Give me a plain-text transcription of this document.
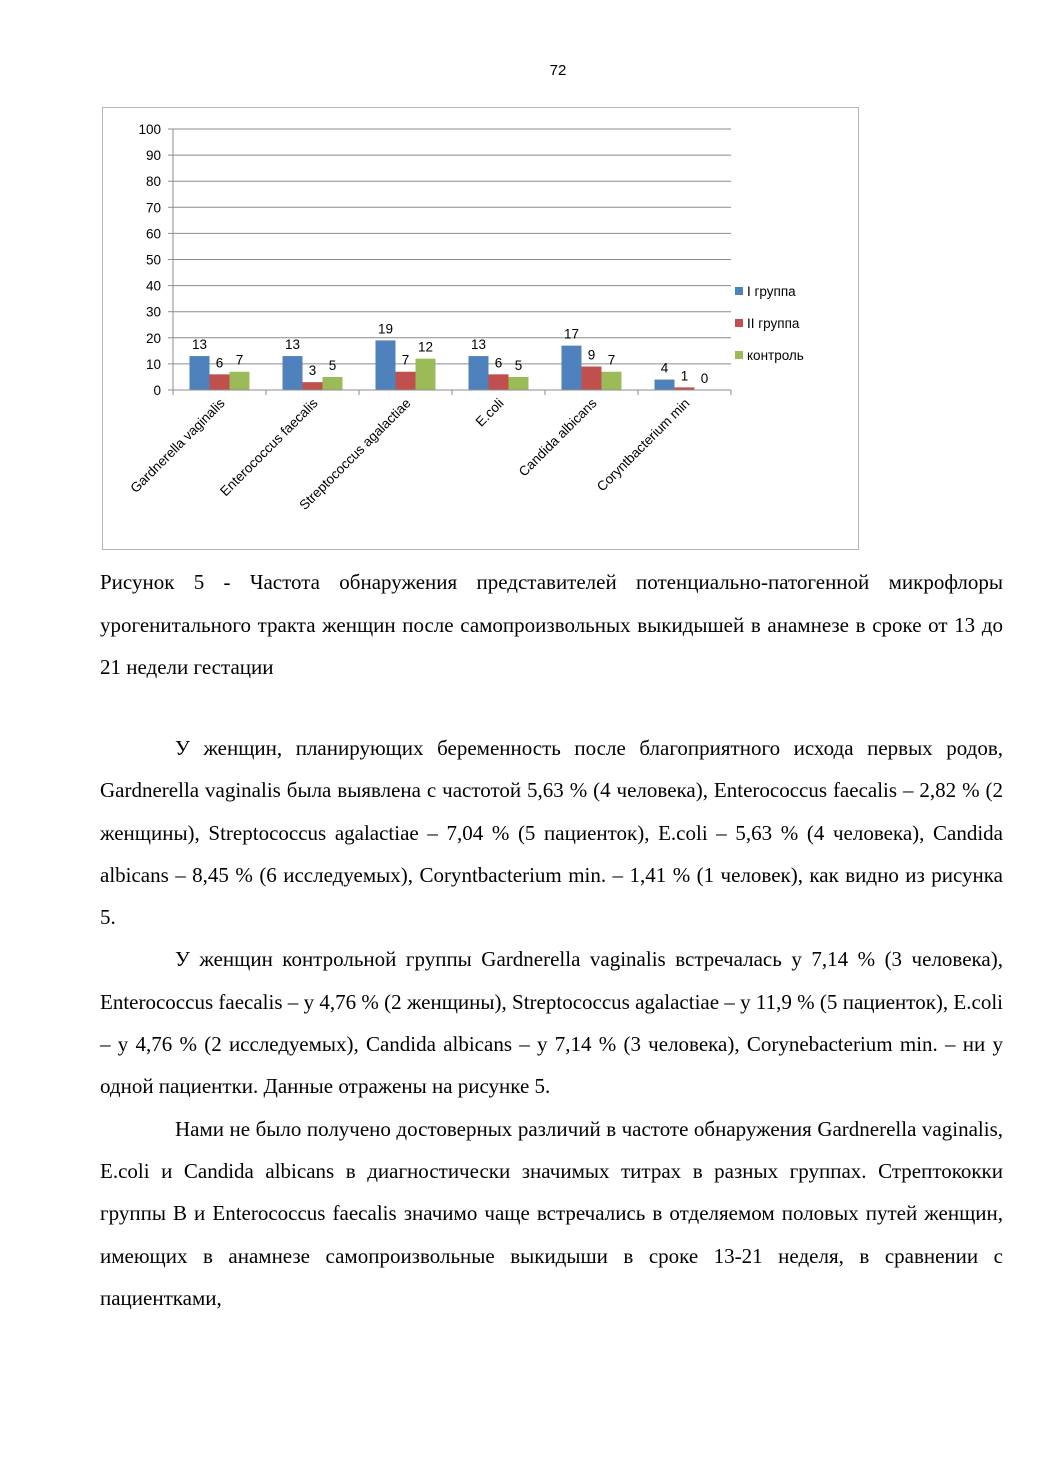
72
0
10
20
30
40
50
60
70
80
90
100
13
6 7
Gardnerella vaginalis
13
3 5
Enterococcus faecalis
19
7
12
Streptococcus agalactiae
13
6 5
E.coli
17
9 7
Candida albicans
4
1 0
Coryntbacterium min
I группа
II группа
контроль
Рисунок 5 - Частота обнаружения представителей потенциально-патогенной микрофлоры урогенитального тракта женщин после самопроизвольных выкидышей в анамнезе в сроке от 13 до 21 недели гестации

У женщин, планирующих беременность после благоприятного исхода первых родов, Gardnerella vaginalis была выявлена с частотой 5,63 % (4 человека), Enterococcus faecalis – 2,82 % (2 женщины), Streptococcus agalactiae – 7,04 % (5 пациенток), E.coli – 5,63 % (4 человека), Candida albicans – 8,45 % (6 исследуемых), Coryntbacterium min. – 1,41 % (1 человек), как видно из рисунка 5.

У женщин контрольной группы Gardnerella vaginalis встречалась у 7,14 % (3 человека), Enterococcus faecalis – у 4,76 % (2 женщины), Streptococcus agalactiae – у 11,9 % (5 пациенток), E.coli – у 4,76 % (2 исследуемых), Candida albicans – у 7,14 % (3 человека), Corynebacterium min. – ни у одной пациентки. Данные отражены на рисунке 5.

Нами не было получено достоверных различий в частоте обнаружения Gardnerella vaginalis, E.coli и Candida albicans в диагностически значимых титрах в разных группах. Стрептококки группы В и Enterococcus faecalis значимо чаще встречались в отделяемом половых путей женщин, имеющих в анамнезе самопроизвольные выкидыши в сроке 13-21 неделя, в сравнении с пациентками,
